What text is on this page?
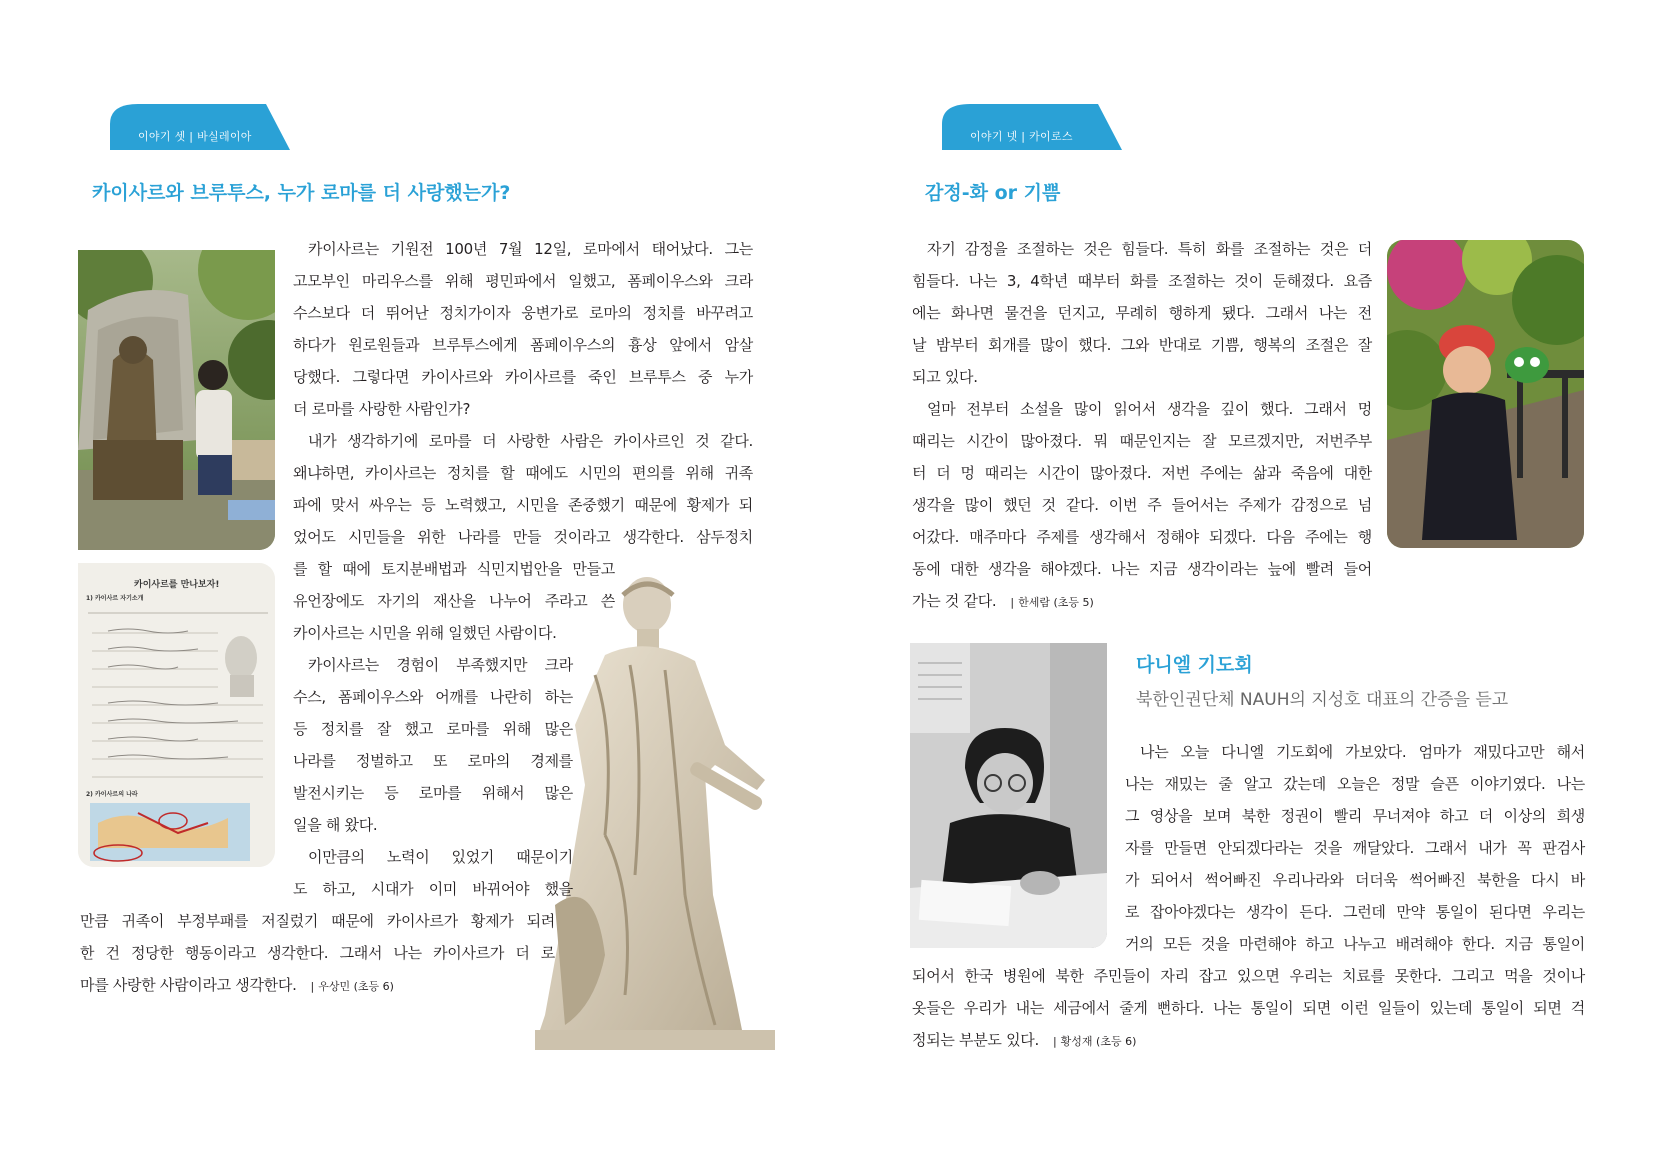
이야기 셋 | 바실레이아
카이사르와 브루투스, 누가 로마를 더 사랑했는가?
카이사르를 만나보자!
1) 카이사르 자기소개
2) 카이사르의 나라

카이사르는 기원전 100년 7월 12일, 로마에서 태어났다. 그는

고모부인 마리우스를 위해 평민파에서 일했고, 폼페이우스와 크라

수스보다 더 뛰어난 정치가이자 웅변가로 로마의 정치를 바꾸려고

하다가 원로원들과 브루투스에게 폼페이우스의 흉상 앞에서 암살

당했다. 그렇다면 카이사르와 카이사르를 죽인 브루투스 중 누가

더 로마를 사랑한 사람인가?

내가 생각하기에 로마를 더 사랑한 사람은 카이사르인 것 같다.

왜냐하면, 카이사르는 정치를 할 때에도 시민의 편의를 위해 귀족

파에 맞서 싸우는 등 노력했고, 시민을 존중했기 때문에 황제가 되

었어도 시민들을 위한 나라를 만들 것이라고 생각한다. 삼두정치

를 할 때에 토지분배법과 식민지법안을 만들고

유언장에도 자기의 재산을 나누어 주라고 쓴

카이사르는 시민을 위해 일했던 사람이다.

카이사르는 경험이 부족했지만 크라

수스, 폼페이우스와 어깨를 나란히 하는

등 정치를 잘 했고 로마를 위해 많은

나라를 정벌하고 또 로마의 경제를

발전시키는 등 로마를 위해서 많은

일을 해 왔다.

이만큼의 노력이 있었기 때문이기

도 하고, 시대가 이미 바뀌어야 했을

만큼 귀족이 부정부패를 저질렀기 때문에 카이사르가 황제가 되려

한 건 정당한 행동이라고 생각한다. 그래서 나는 카이사르가 더 로

마를 사랑한 사람이라고 생각한다. | 우상민 (초등 6)

이야기 넷 | 카이로스
감정-화 or 기쁨

자기 감정을 조절하는 것은 힘들다. 특히 화를 조절하는 것은 더

힘들다. 나는 3, 4학년 때부터 화를 조절하는 것이 둔해졌다. 요즘

에는 화나면 물건을 던지고, 무례히 행하게 됐다. 그래서 나는 전

날 밤부터 회개를 많이 했다. 그와 반대로 기쁨, 행복의 조절은 잘

되고 있다.

얼마 전부터 소설을 많이 읽어서 생각을 깊이 했다. 그래서 멍

때리는 시간이 많아졌다. 뭐 때문인지는 잘 모르겠지만, 저번주부

터 더 멍 때리는 시간이 많아졌다. 저번 주에는 삶과 죽음에 대한

생각을 많이 했던 것 같다. 이번 주 들어서는 주제가 감정으로 넘

어갔다. 매주마다 주제를 생각해서 정해야 되겠다. 다음 주에는 행

동에 대한 생각을 해야겠다. 나는 지금 생각이라는 늪에 빨려 들어

가는 것 같다. | 한세람 (초등 5)

다니엘 기도회
북한인권단체 NAUH의 지성호 대표의 간증을 듣고

나는 오늘 다니엘 기도회에 가보았다. 엄마가 재밌다고만 해서

나는 재밌는 줄 알고 갔는데 오늘은 정말 슬픈 이야기였다. 나는

그 영상을 보며 북한 정권이 빨리 무너져야 하고 더 이상의 희생

자를 만들면 안되겠다라는 것을 깨달았다. 그래서 내가 꼭 판검사

가 되어서 썩어빠진 우리나라와 더더욱 썩어빠진 북한을 다시 바

로 잡아야겠다는 생각이 든다. 그런데 만약 통일이 된다면 우리는

거의 모든 것을 마련해야 하고 나누고 배려해야 한다. 지금 통일이

되어서 한국 병원에 북한 주민들이 자리 잡고 있으면 우리는 치료를 못한다. 그리고 먹을 것이나

옷들은 우리가 내는 세금에서 줄게 뻔하다. 나는 통일이 되면 이런 일들이 있는데 통일이 되면 걱

정되는 부분도 있다. | 황성재 (초등 6)
